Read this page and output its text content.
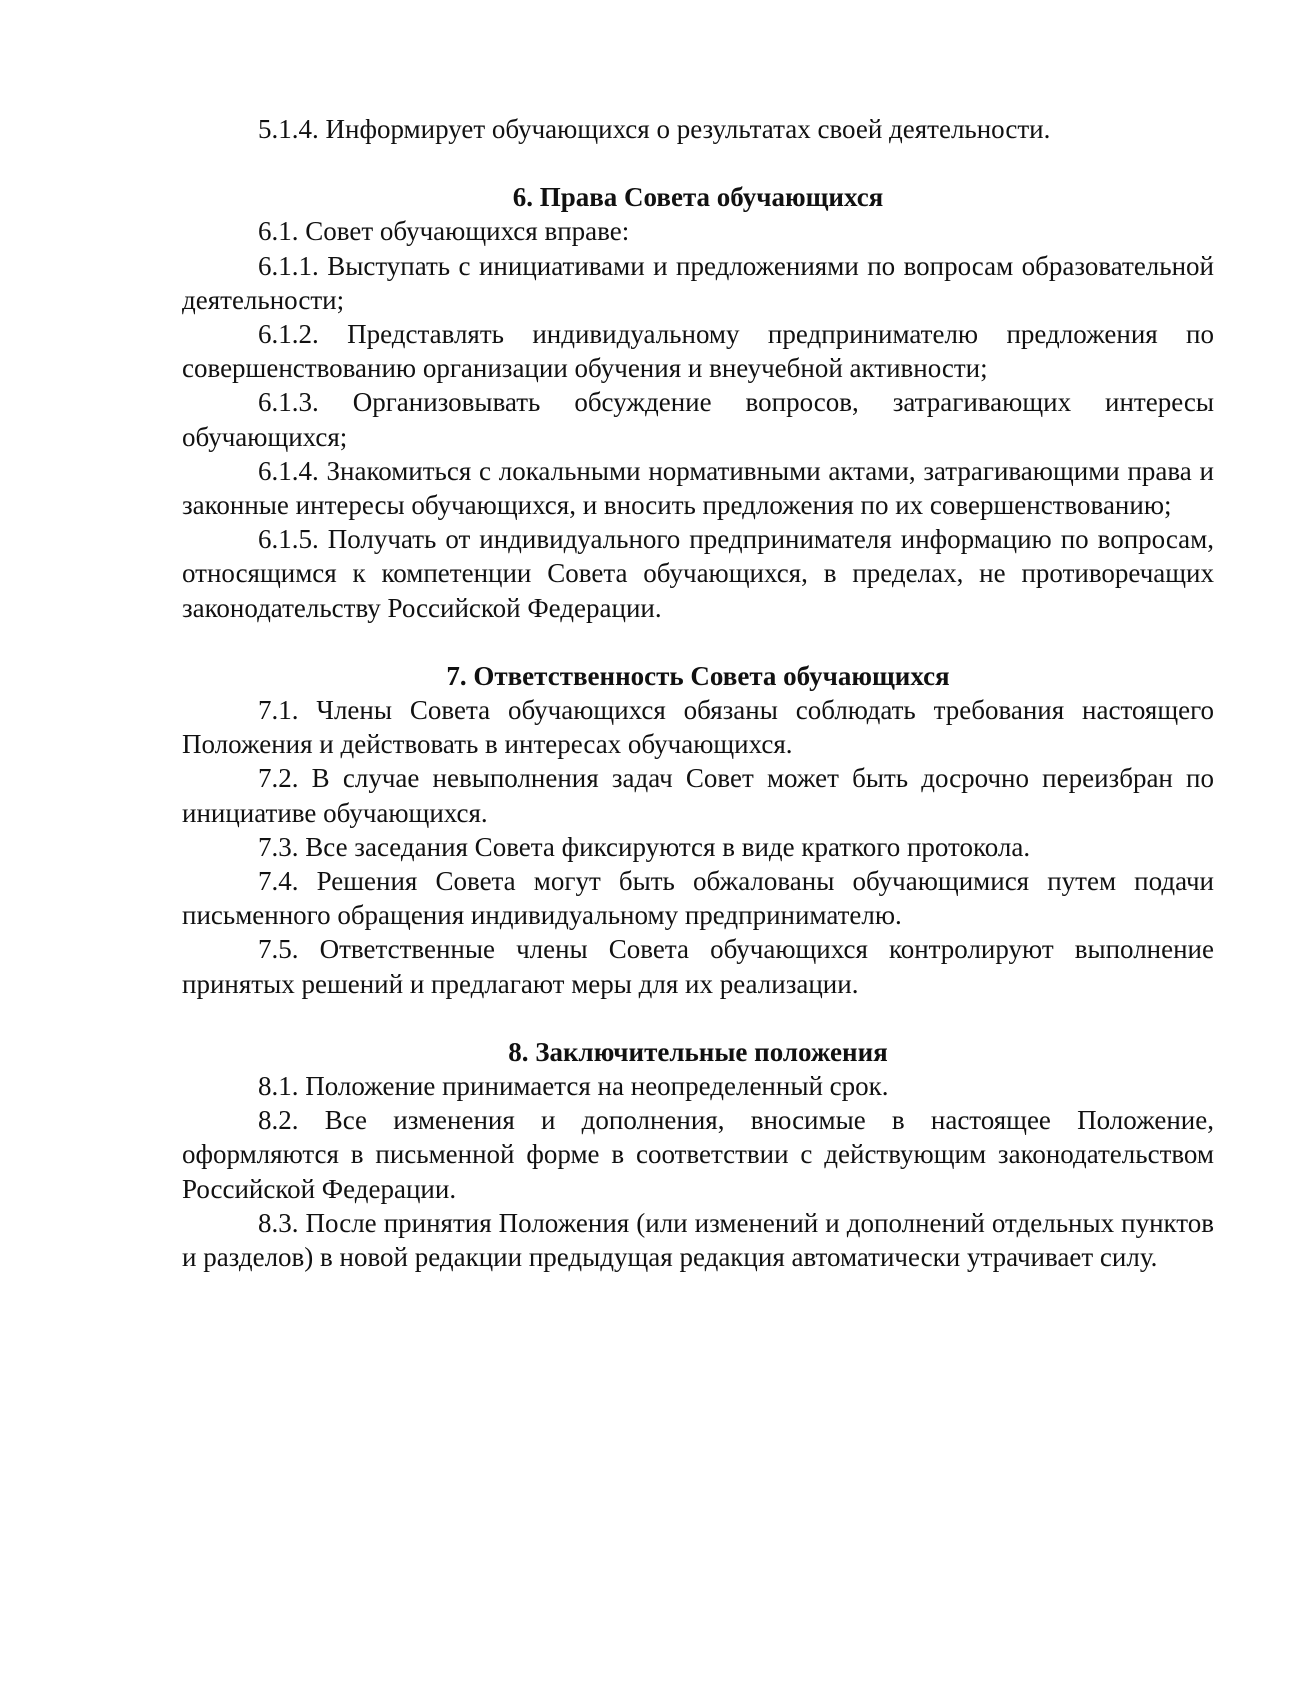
5.1.4. Информирует обучающихся о результатах своей деятельности.

6. Права Совета обучающихся

6.1. Совет обучающихся вправе:

6.1.1. Выступать с инициативами и предложениями по вопросам образовательной деятельности;

6.1.2. Представлять индивидуальному предпринимателю предложения по совершенствованию организации обучения и внеучебной активности;

6.1.3. Организовывать обсуждение вопросов, затрагивающих интересы обучающихся;

6.1.4. Знакомиться с локальными нормативными актами, затрагивающими права и законные интересы обучающихся, и вносить предложения по их совершенствованию;

6.1.5. Получать от индивидуального предпринимателя информацию по вопросам, относящимся к компетенции Совета обучающихся, в пределах, не противоречащих законодательству Российской Федерации.

7. Ответственность Совета обучающихся

7.1. Члены Совета обучающихся обязаны соблюдать требования настоящего Положения и действовать в интересах обучающихся.

7.2. В случае невыполнения задач Совет может быть досрочно переизбран по инициативе обучающихся.

7.3. Все заседания Совета фиксируются в виде краткого протокола.

7.4. Решения Совета могут быть обжалованы обучающимися путем подачи письменного обращения индивидуальному предпринимателю.

7.5. Ответственные члены Совета обучающихся контролируют выполнение принятых решений и предлагают меры для их реализации.

8. Заключительные положения

8.1. Положение принимается на неопределенный срок.

8.2. Все изменения и дополнения, вносимые в настоящее Положение, оформляются в письменной форме в соответствии с действующим законодательством Российской Федерации.

8.3. После принятия Положения (или изменений и дополнений отдельных пунктов и разделов) в новой редакции предыдущая редакция автоматически утрачивает силу.
